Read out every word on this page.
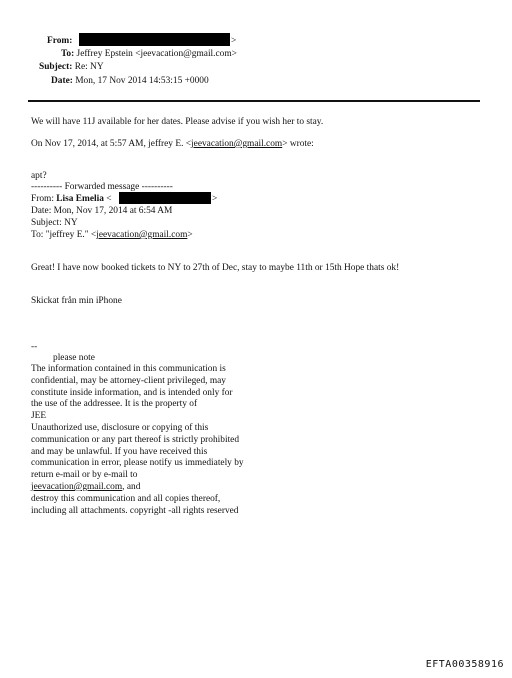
From:	>
To: Jeffrey Epstein <jeevacation@gmail.com>
Subject: Re: NY
Date: Mon, 17 Nov 2014 14:53:15 +0000
We will have 11J available for her dates. Please advise if you wish her to stay.
On Nov 17, 2014, at 5:57 AM, jeffrey E. <jeevacation@gmail.com> wrote:
apt?
---------- Forwarded message ----------
From: Lisa Emelia <	>
Date: Mon, Nov 17, 2014 at 6:54 AM
Subject: NY
To: "jeffrey E." <jeevacation@gmail.com>
Great! I have now booked tickets to NY to 27th of Dec, stay to maybe 11th or 15th Hope thats ok!
Skickat från min iPhone
--
please note
The information contained in this communication is
confidential, may be attorney-client privileged, may
constitute inside information, and is intended only for
the use of the addressee. It is the property of
JEE
Unauthorized use, disclosure or copying of this
communication or any part thereof is strictly prohibited
and may be unlawful. If you have received this
communication in error, please notify us immediately by
return e-mail or by e-mail to
jeevacation@gmail.com, and
destroy this communication and all copies thereof,
including all attachments. copyright -all rights reserved
EFTA00358916
